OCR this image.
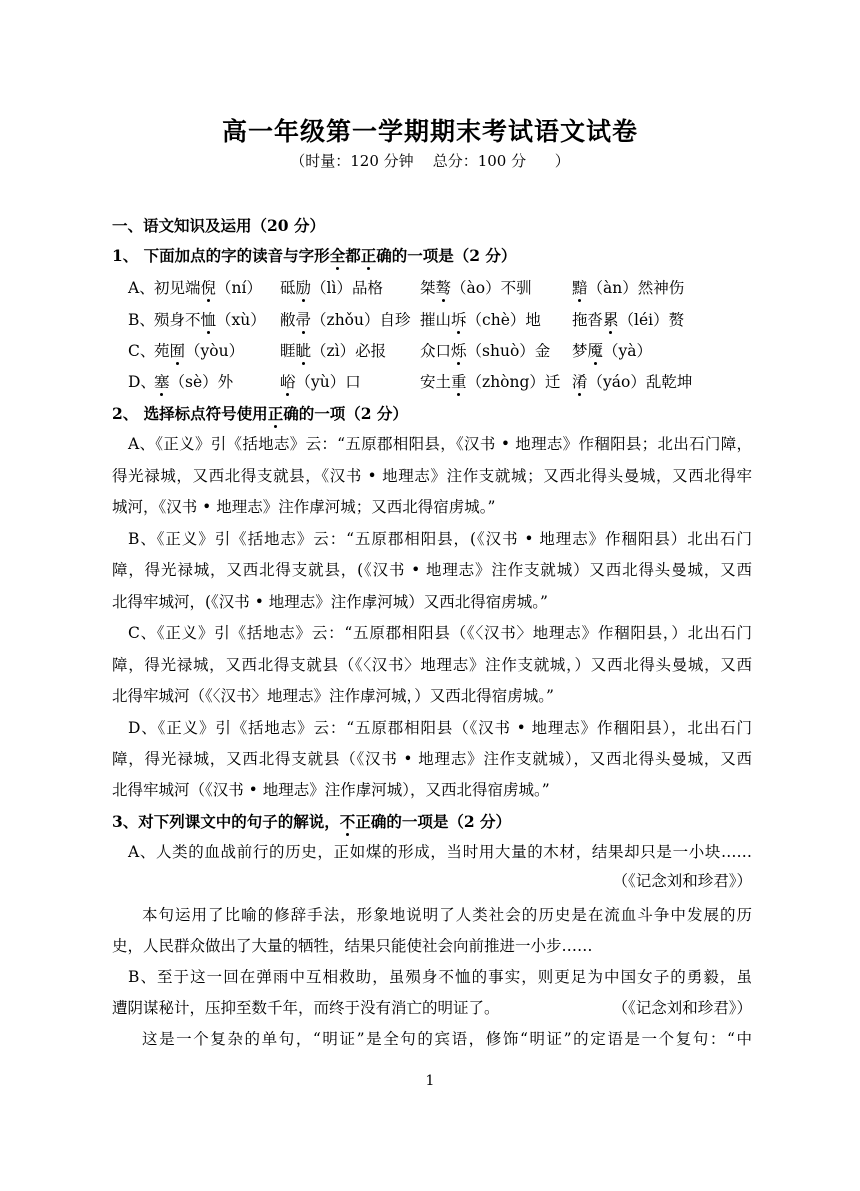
高一年级第一学期期末考试语文试卷
（时量：120 分钟    总分：100 分      ）
一、语文知识及运用（20 分）
1、 下面加点的字的读音与字形全都正确的一项是（2 分）
A、 初见端倪（ní） 砥励（lì）品格 桀骜（ào）不驯	黯（àn）然神伤
B、 殒身不恤（xù） 敝帚（zhǒu）自珍 摧山坼（chè）地 拖沓累（léi）赘
C、
苑囿（yòu） 睚眦（zì）必报 众口烁（shuò）金 梦魇（yà）
D、
塞（sè）外	峪（yù）口	安土重（zhòng）迁 淆（yáo）乱乾坤
2、 选择标点符号使用正确的一项（2 分）
A、《正义》引《括地志》云：“五原郡相阳县，《汉书 • 地理志》作稒阳县；北出石门障，
得光禄城，又西北得支就县，《汉书 • 地理志》注作支就城；又西北得头曼城，又西北得牢
城河，《汉书 • 地理志》注作虖河城；又西北得宿虏城。”
B、《正义》引《括地志》云：“五原郡相阳县，(《汉书 • 地理志》作稒阳县）北出石门
障，得光禄城，又西北得支就县，(《汉书 • 地理志》注作支就城）又西北得头曼城，又西
北得牢城河，(《汉书 • 地理志》注作虖河城）又西北得宿虏城。”
C、《正义》引《括地志》云：“五原郡相阳县（《〈汉书〉地理志》作稒阳县，）北出石门
障，得光禄城，又西北得支就县（《〈汉书〉地理志》注作支就城，）又西北得头曼城，又西
北得牢城河（《〈汉书〉地理志》注作虖河城，）又西北得宿虏城。”
D、《正义》引《括地志》云：“五原郡相阳县（《汉书 • 地理志》作稒阳县），北出石门
障，得光禄城，又西北得支就县（《汉书 • 地理志》注作支就城），又西北得头曼城，又西
北得牢城河（《汉书 • 地理志》注作虖河城），又西北得宿虏城。”
3、对下列课文中的句子的解说，不正确的一项是（2 分）
A、人类的血战前行的历史，正如煤的形成，当时用大量的木材，结果却只是一小块……
（《记念刘和珍君》）
本句运用了比喻的修辞手法，形象地说明了人类社会的历史是在流血斗争中发展的历
史，人民群众做出了大量的牺牲，结果只能使社会向前推进一小步……
B、至于这一回在弹雨中互相救助，虽殒身不恤的事实，则更足为中国女子的勇毅，虽
遭阴谋秘计，压抑至数千年，而终于没有消亡的明证了。	（《记念刘和珍君》）
这是一个复杂的单句，“明证”是全句的宾语，修饰“明证”的定语是一个复句：“中
1
